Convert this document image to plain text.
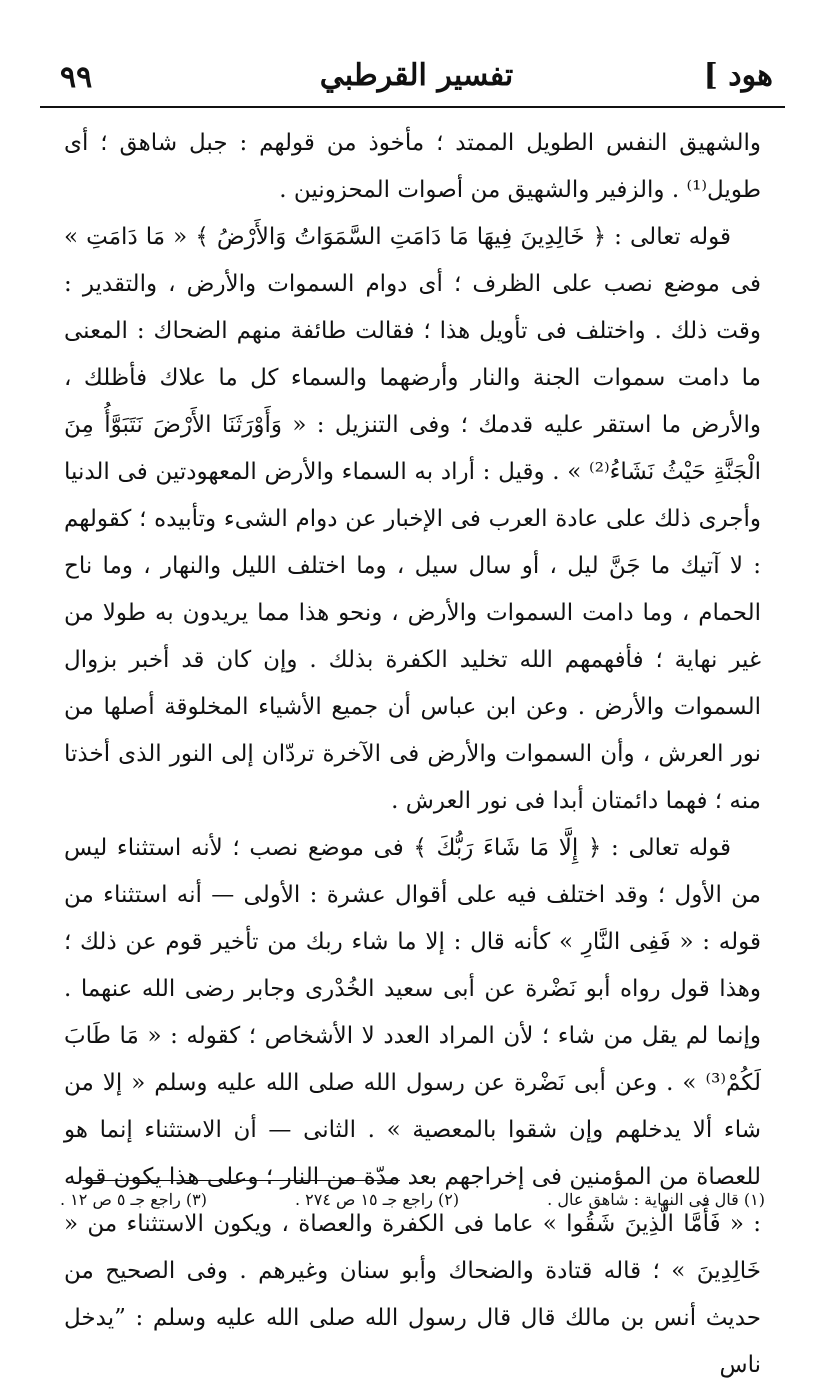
هود ]
تفسير القرطبي
٩٩

والشهيق النفس الطويل الممتد ؛ مأخوذ من قولهم : جبل شاهق ؛ أى طويل⁽¹⁾ . والزفير والشهيق من أصوات المحزونين .

قوله تعالى : ﴿ خَالِدِينَ فِيهَا مَا دَامَتِ السَّمَوَاتُ وَالأَرْضُ ﴾ « مَا دَامَتِ » فى موضع نصب على الظرف ؛ أى دوام السموات والأرض ، والتقدير : وقت ذلك . واختلف فى تأويل هذا ؛ فقالت طائفة منهم الضحاك : المعنى ما دامت سموات الجنة والنار وأرضهما والسماء كل ما علاك فأظلك ، والأرض ما استقر عليه قدمك ؛ وفى التنزيل : « وَأَوْرَثَنَا الأَرْضَ نَتَبَوَّأُ مِنَ الْجَنَّةِ حَيْثُ نَشَاءُ⁽²⁾ » . وقيل : أراد به السماء والأرض المعهودتين فى الدنيا وأجرى ذلك على عادة العرب فى الإخبار عن دوام الشىء وتأبيده ؛ كقولهم : لا آتيك ما جَنَّ ليل ، أو سال سيل ، وما اختلف الليل والنهار ، وما ناح الحمام ، وما دامت السموات والأرض ، ونحو هذا مما يريدون به طولا من غير نهاية ؛ فأفهمهم الله تخليد الكفرة بذلك . وإن كان قد أخبر بزوال السموات والأرض . وعن ابن عباس أن جميع الأشياء المخلوقة أصلها من نور العرش ، وأن السموات والأرض فى الآخرة تردّان إلى النور الذى أخذتا منه ؛ فهما دائمتان أبدا فى نور العرش .

قوله تعالى : ﴿ إِلَّا مَا شَاءَ رَبُّكَ ﴾ فى موضع نصب ؛ لأنه استثناء ليس من الأول ؛ وقد اختلف فيه على أقوال عشرة : الأولى — أنه استثناء من قوله : « فَفِى النَّارِ » كأنه قال : إلا ما شاء ربك من تأخير قوم عن ذلك ؛ وهذا قول رواه أبو نَضْرة عن أبى سعيد الخُدْرى وجابر رضى الله عنهما . وإنما لم يقل من شاء ؛ لأن المراد العدد لا الأشخاص ؛ كقوله : « مَا طَابَ لَكُمْ⁽³⁾ » . وعن أبى نَضْرة عن رسول الله صلى الله عليه وسلم « إلا من شاء ألا يدخلهم وإن شقوا بالمعصية » . الثانى — أن الاستثناء إنما هو للعصاة من المؤمنين فى إخراجهم بعد مدّة من النار ؛ وعلى هذا يكون قوله : « فَأَمَّا الَّذِينَ شَقُوا » عاما فى الكفرة والعصاة ، ويكون الاستثناء من « خَالِدِينَ » ؛ قاله قتادة والضحاك وأبو سنان وغيرهم . وفى الصحيح من حديث أنس بن مالك قال قال رسول الله صلى الله عليه وسلم : ”يدخل ناس

(١) قال فى النهاية : شاهق عال .
(٢) راجع جـ ١٥ ص ٢٧٤ .
(٣) راجع جـ ٥ ص ١٢ .
